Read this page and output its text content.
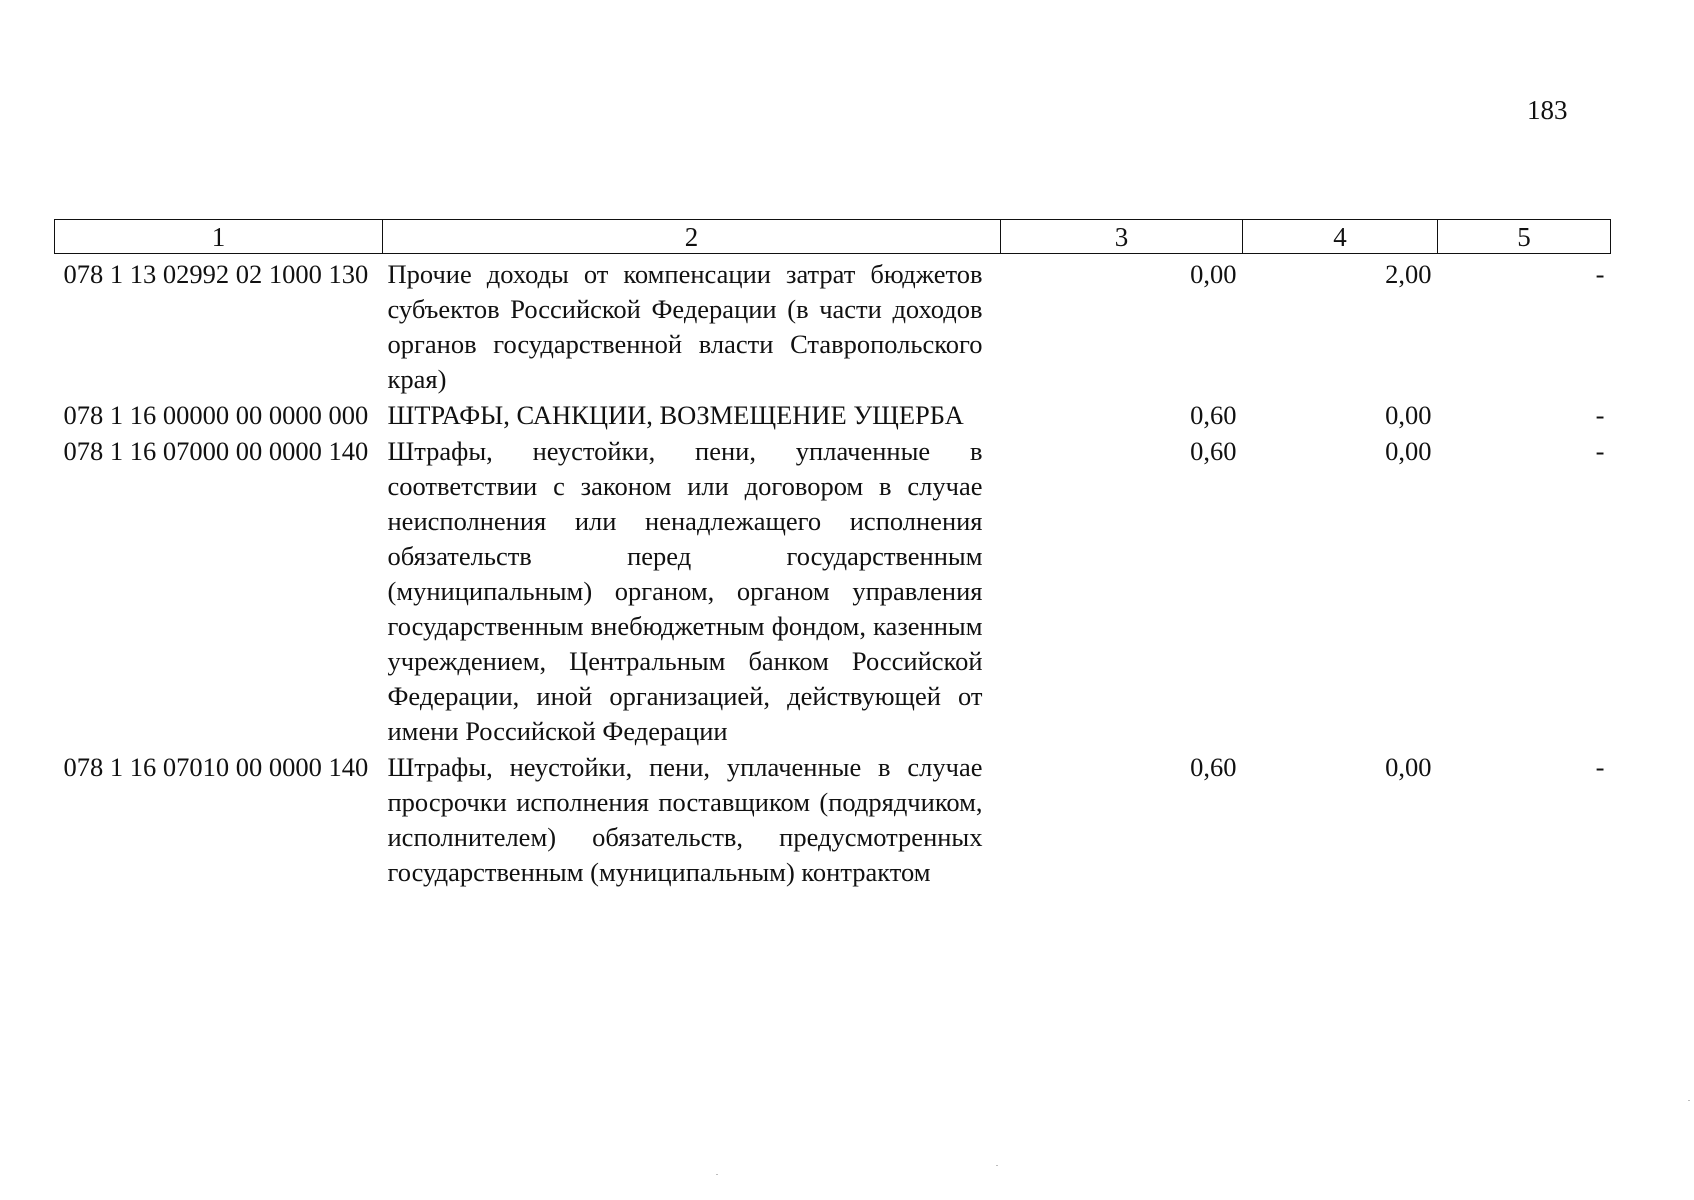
183
1	2	3	4	5
078 1 13 02992 02 1000 130	Прочие доходы от компенсации затрат бюджетов субъектов Российской Федерации (в части доходов органов государственной власти Ставропольского края)	0,00	2,00	-
078 1 16 00000 00 0000 000	ШТРАФЫ, САНКЦИИ, ВОЗМЕЩЕНИЕ УЩЕРБА	0,60	0,00	-
078 1 16 07000 00 0000 140	Штрафы, неустойки, пени, уплаченные в соответствии с законом или договором в случае неисполнения или ненадлежащего исполнения обязательств перед государственным (муниципальным) органом, органом управления государственным внебюджетным фондом, казенным учреждением, Центральным банком Российской Федерации, иной организацией, действующей от имени Российской Федерации	0,60	0,00	-
078 1 16 07010 00 0000 140	Штрафы, неустойки, пени, уплаченные в случае просрочки исполнения поставщиком (подрядчиком, исполнителем) обязательств, предусмотренных государственным (муниципальным) контрактом	0,60	0,00	-
